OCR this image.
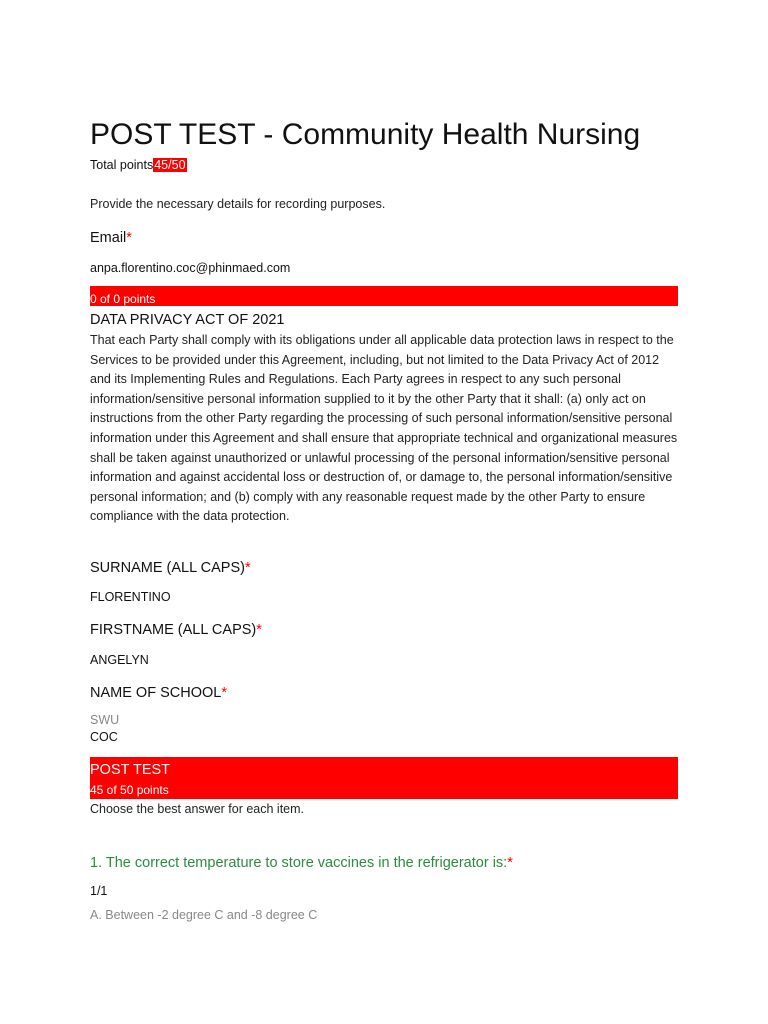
POST TEST - Community Health Nursing
Total points45/50
Provide the necessary details for recording purposes.
Email*
anpa.florentino.coc@phinmaed.com
0 of 0 points
DATA PRIVACY ACT OF 2021
That each Party shall comply with its obligations under all applicable data protection laws in respect to the Services to be provided under this Agreement, including, but not limited to the Data Privacy Act of 2012 and its Implementing Rules and Regulations. Each Party agrees in respect to any such personal information/sensitive personal information supplied to it by the other Party that it shall: (a) only act on instructions from the other Party regarding the processing of such personal information/sensitive personal information under this Agreement and shall ensure that appropriate technical and organizational measures shall be taken against unauthorized or unlawful processing of the personal information/sensitive personal information and against accidental loss or destruction of, or damage to, the personal information/sensitive personal information; and (b) comply with any reasonable request made by the other Party to ensure compliance with the data protection.
SURNAME (ALL CAPS)*
FLORENTINO
FIRSTNAME (ALL CAPS)*
ANGELYN
NAME OF SCHOOL*
SWU
COC
POST TEST
45 of 50 points
Choose the best answer for each item.
1. The correct temperature to store vaccines in the refrigerator is:*
1/1
A. Between -2 degree C and -8 degree C
